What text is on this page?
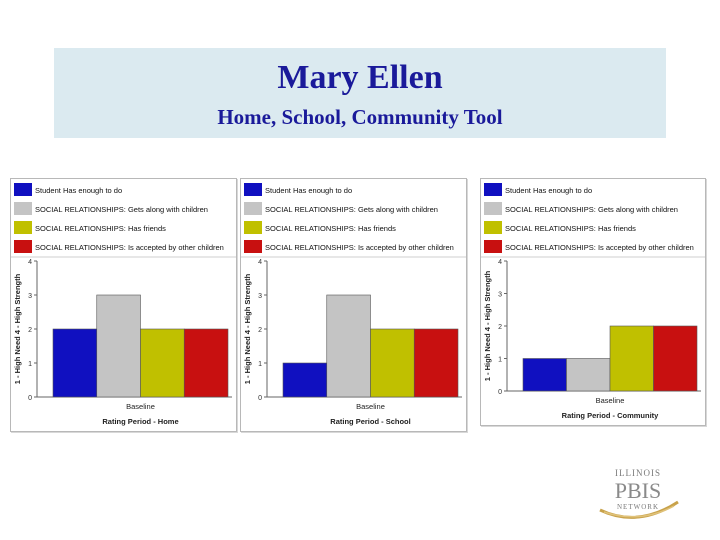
Mary Ellen
Home, School, Community Tool
Student Has enough to do
SOCIAL RELATIONSHIPS: Gets along with children
SOCIAL RELATIONSHIPS: Has friends
SOCIAL RELATIONSHIPS: Is accepted by other children
1 - High Need 4 - High Strength
0
1
2
3
4
Baseline
Rating Period - Home
Student Has enough to do
SOCIAL RELATIONSHIPS: Gets along with children
SOCIAL RELATIONSHIPS: Has friends
SOCIAL RELATIONSHIPS: Is accepted by other children
1 - High Need 4 - High Strength
0
1
2
3
4
Baseline
Rating Period - School
Student Has enough to do
SOCIAL RELATIONSHIPS: Gets along with children
SOCIAL RELATIONSHIPS: Has friends
SOCIAL RELATIONSHIPS: Is accepted by other children
1 - High Need 4 - High Strength
0
1
2
3
4
Baseline
Rating Period - Community
ILLINOIS
PBIS
NETWORK
